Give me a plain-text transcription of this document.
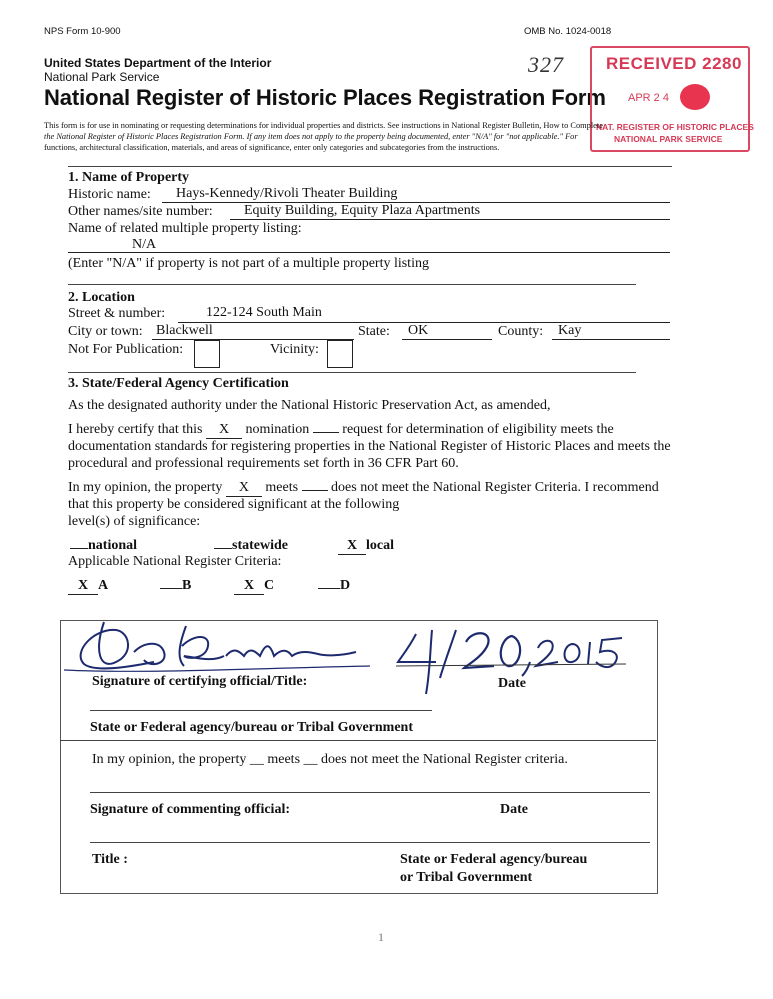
NPS Form 10-900	OMB No. 1024-0018
United States Department of the Interior
National Park Service
National Register of Historic Places Registration Form
327 RECEIVED 2280
APR 2 4
NAT. REGISTER OF HISTORIC PLACES
NATIONAL PARK SERVICE
This form is for use in nominating or requesting determinations for individual properties and districts. See instructions in National Register Bulletin, How to Complete
the National Register of Historic Places Registration Form. If any item does not apply to the property being documented, enter "N/A" for "not applicable." For
functions, architectural classification, materials, and areas of significance, enter only categories and subcategories from the instructions.
1. Name of Property
Historic name: Hays-Kennedy/Rivoli Theater Building
Other names/site number: Equity Building, Equity Plaza Apartments
Name of related multiple property listing:
N/A
(Enter "N/A" if property is not part of a multiple property listing
2. Location
Street & number:	122-124 South Main
City or town: Blackwell	State: OK	County: Kay
Not For Publication:	Vicinity:
3. State/Federal Agency Certification
As the designated authority under the National Historic Preservation Act, as amended,
I hereby certify that this X nomination request for determination of eligibility meets the
documentation standards for registering properties in the National Register of Historic Places and meets the
procedural and professional requirements set forth in 36 CFR Part 60.
In my opinion, the property X meets does not meet the National Register Criteria. I recommend
that this property be considered significant at the following
level(s) of significance:
national	statewide	X local
Applicable National Register Criteria:
X A	B	X C	D
Signature of certifying official/Title:	Date
State or Federal agency/bureau or Tribal Government
In my opinion, the property __ meets __ does not meet the National Register criteria.
Signature of commenting official:	Date
Title :	State or Federal agency/bureau
or Tribal Government
1
